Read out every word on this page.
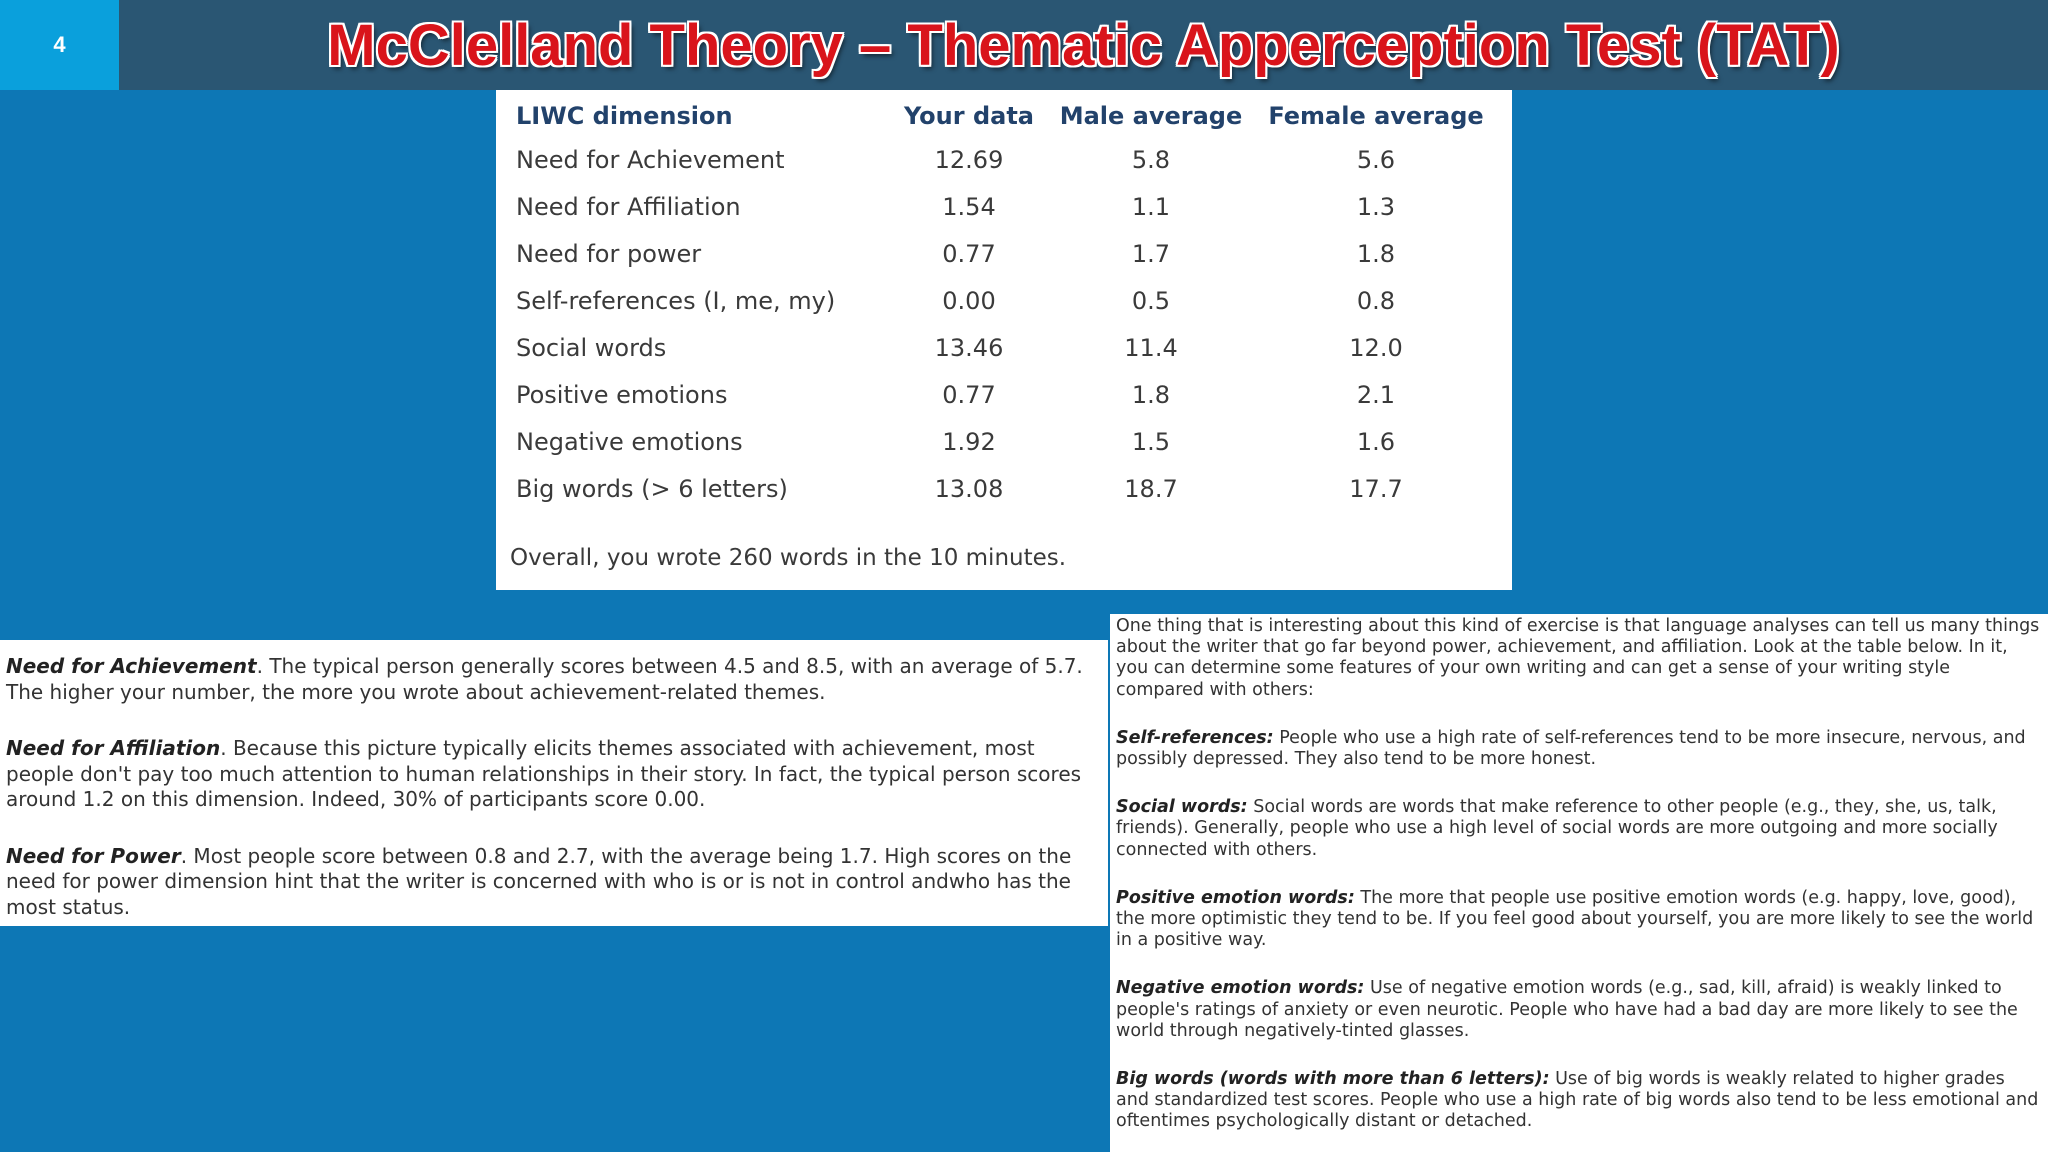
4	McClelland Theory – Thematic Apperception Test (TAT)
LIWC dimension	Your data	Male average	Female average
Need for Achievement	12.69	5.8	5.6
Need for Affiliation	1.54	1.1	1.3
Need for power	0.77	1.7	1.8
Self-references (I, me, my)	0.00	0.5	0.8
Social words	13.46	11.4	12.0
Positive emotions	0.77	1.8	2.1
Negative emotions	1.92	1.5	1.6
Big words (> 6 letters)	13.08	18.7	17.7

Overall, you wrote 260 words in the 10 minutes.

Need for Achievement. The typical person generally scores between 4.5 and 8.5, with an average of 5.7. The higher your number, the more you wrote about achievement-related themes.

Need for Affiliation. Because this picture typically elicits themes associated with achievement, most people don't pay too much attention to human relationships in their story. In fact, the typical person scores around 1.2 on this dimension. Indeed, 30% of participants score 0.00.

Need for Power. Most people score between 0.8 and 2.7, with the average being 1.7. High scores on the need for power dimension hint that the writer is concerned with who is or is not in control andwho has the most status.

One thing that is interesting about this kind of exercise is that language analyses can tell us many things about the writer that go far beyond power, achievement, and affiliation. Look at the table below. In it, you can determine some features of your own writing and can get a sense of your writing style compared with others:

Self-references: People who use a high rate of self-references tend to be more insecure, nervous, and possibly depressed. They also tend to be more honest.

Social words: Social words are words that make reference to other people (e.g., they, she, us, talk, friends). Generally, people who use a high level of social words are more outgoing and more socially connected with others.

Positive emotion words: The more that people use positive emotion words (e.g. happy, love, good), the more optimistic they tend to be. If you feel good about yourself, you are more likely to see the world in a positive way.

Negative emotion words: Use of negative emotion words (e.g., sad, kill, afraid) is weakly linked to people's ratings of anxiety or even neurotic. People who have had a bad day are more likely to see the world through negatively-tinted glasses.

Big words (words with more than 6 letters): Use of big words is weakly related to higher grades and standardized test scores. People who use a high rate of big words also tend to be less emotional and oftentimes psychologically distant or detached.
